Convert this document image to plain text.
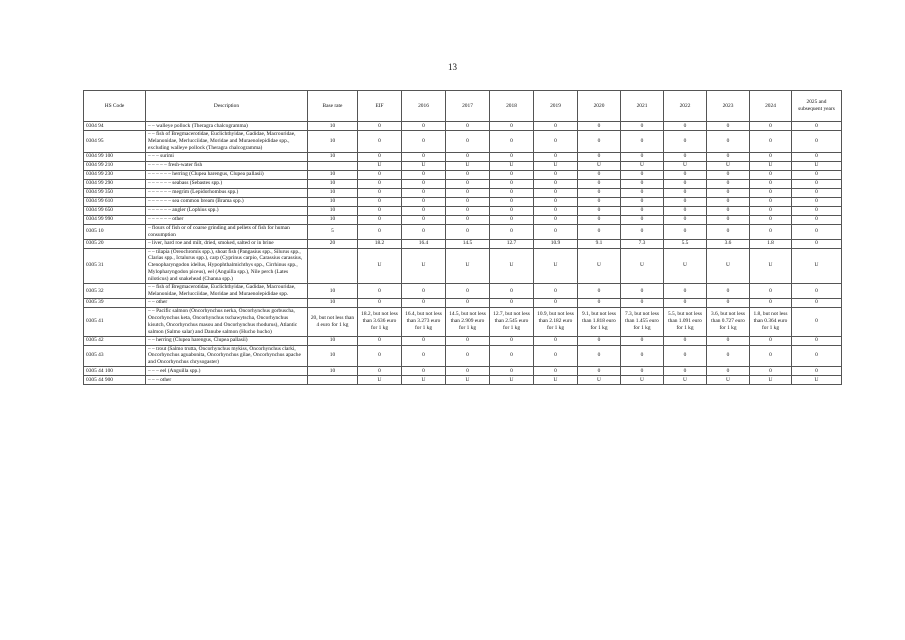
13
HS Code	Description	Base rate	EIF	2016	2017	2018	2019	2020	2021	2022	2023	2024	2025 and subsequent years
0304 94	– – walleye pollock (Theragra chalcogramma)	10	0	0	0	0	0	0	0	0	0	0	0
0304 95	– – fish of Bregmacerotidae, Euclichthyidae, Gadidae, Macrouridae, Melanonidae, Merlucciidae, Moridae and Muraenolepididae spp., excluding walleye pollock (Theragra chalcogramma)	10	0	0	0	0	0	0	0	0	0	0	0
0304 99 100	– – – surimi	10	0	0	0	0	0	0	0	0	0	0	0
0304 99 210	– – – – – fresh-water fish		U	U	U	U	U	U	U	U	U	U	U
0304 99 230	– – – – – – herring (Clupea harengus, Clupea pallasii)	10	0	0	0	0	0	0	0	0	0	0	0
0304 99 290	– – – – – – seabass (Sebastes spp.)	10	0	0	0	0	0	0	0	0	0	0	0
0304 99 350	– – – – – – megrim (Lepidorhombus spp.)	10	0	0	0	0	0	0	0	0	0	0	0
0304 99 610	– – – – – – sea common bream (Brama spp.)	10	0	0	0	0	0	0	0	0	0	0	0
0304 99 650	– – – – – – angler (Lophius spp.)	10	0	0	0	0	0	0	0	0	0	0	0
0304 99 990	– – – – – – other	10	0	0	0	0	0	0	0	0	0	0	0
0305 10	– flours of fish or of coarse grinding and pellets of fish for human consumption	5	0	0	0	0	0	0	0	0	0	0	0
0305 20	– liver, hard roe and milt, dried, smoked, salted or in brine	20	18.2	16.4	14.5	12.7	10.9	9.1	7.3	5.5	3.6	1.8	0
0305 31	– – tilapia (Oreochromis spp.), shoat fish (Pangasius spp., Silurus spp., Clarias spp., Ictalurus spp.), carp (Cyprinus carpio, Carassius carassius, Ctenopharyngodon idellus, Hypophthalmichthys spp., Cirrhinus spp., Mylopharyngodon piceus), eel (Anguilla spp.), Nile perch (Lates niloticus) and snakehead (Channa spp.)		U	U	U	U	U	U	U	U	U	U	U
0305 32	– – fish of Bregmacerotidae, Euclichthyidae, Gadidae, Macrouridae, Melanonidae, Merlucciidae, Moridae and Muraenolepididae spp.	10	0	0	0	0	0	0	0	0	0	0	0
0305 39	– – other	10	0	0	0	0	0	0	0	0	0	0	0
0305 41	– – Pacific salmon (Oncorhynchus nerka, Oncorhynchus gorbuscha, Oncorhynchus keta, Oncorhynchus tschawytscha, Oncorhynchus kisutch, Oncorhynchus masou and Oncorhynchus rhodurus), Atlantic salmon (Salmo salar) and Danube salmon (Hucho hucho)	20, but not less than 4 euro for 1 kg	18.2, but not less than 3.636 euro for 1 kg	16.4, but not less than 3.273 euro for 1 kg	14.5, but not less than 2.909 euro for 1 kg	12.7, but not less than 2.545 euro for 1 kg	10.9, but not less than 2.182 euro for 1 kg	9.1, but not less than 1.818 euro for 1 kg	7.3, but not less than 1.455 euro for 1 kg	5.5, but not less than 1.091 euro for 1 kg	3.6, but not less than 0.727 euro for 1 kg	1.8, but not less than 0.364 euro for 1 kg	0
0305 42	– – herring (Clupea harengus, Clupea pallasii)	10	0	0	0	0	0	0	0	0	0	0	0
0305 43	– – trout (Salmo trutta, Oncorhynchus mykiss, Oncorhynchus clarki, Oncorhynchus aguabonita, Oncorhynchus gilae, Oncorhynchus apache and Oncorhynchus chrysogaster)	10	0	0	0	0	0	0	0	0	0	0	0
0305 44 100	– – – eel (Anguilla spp.)	10	0	0	0	0	0	0	0	0	0	0	0
0305 44 900	– – – other		U	U	U	U	U	U	U	U	U	U	U
